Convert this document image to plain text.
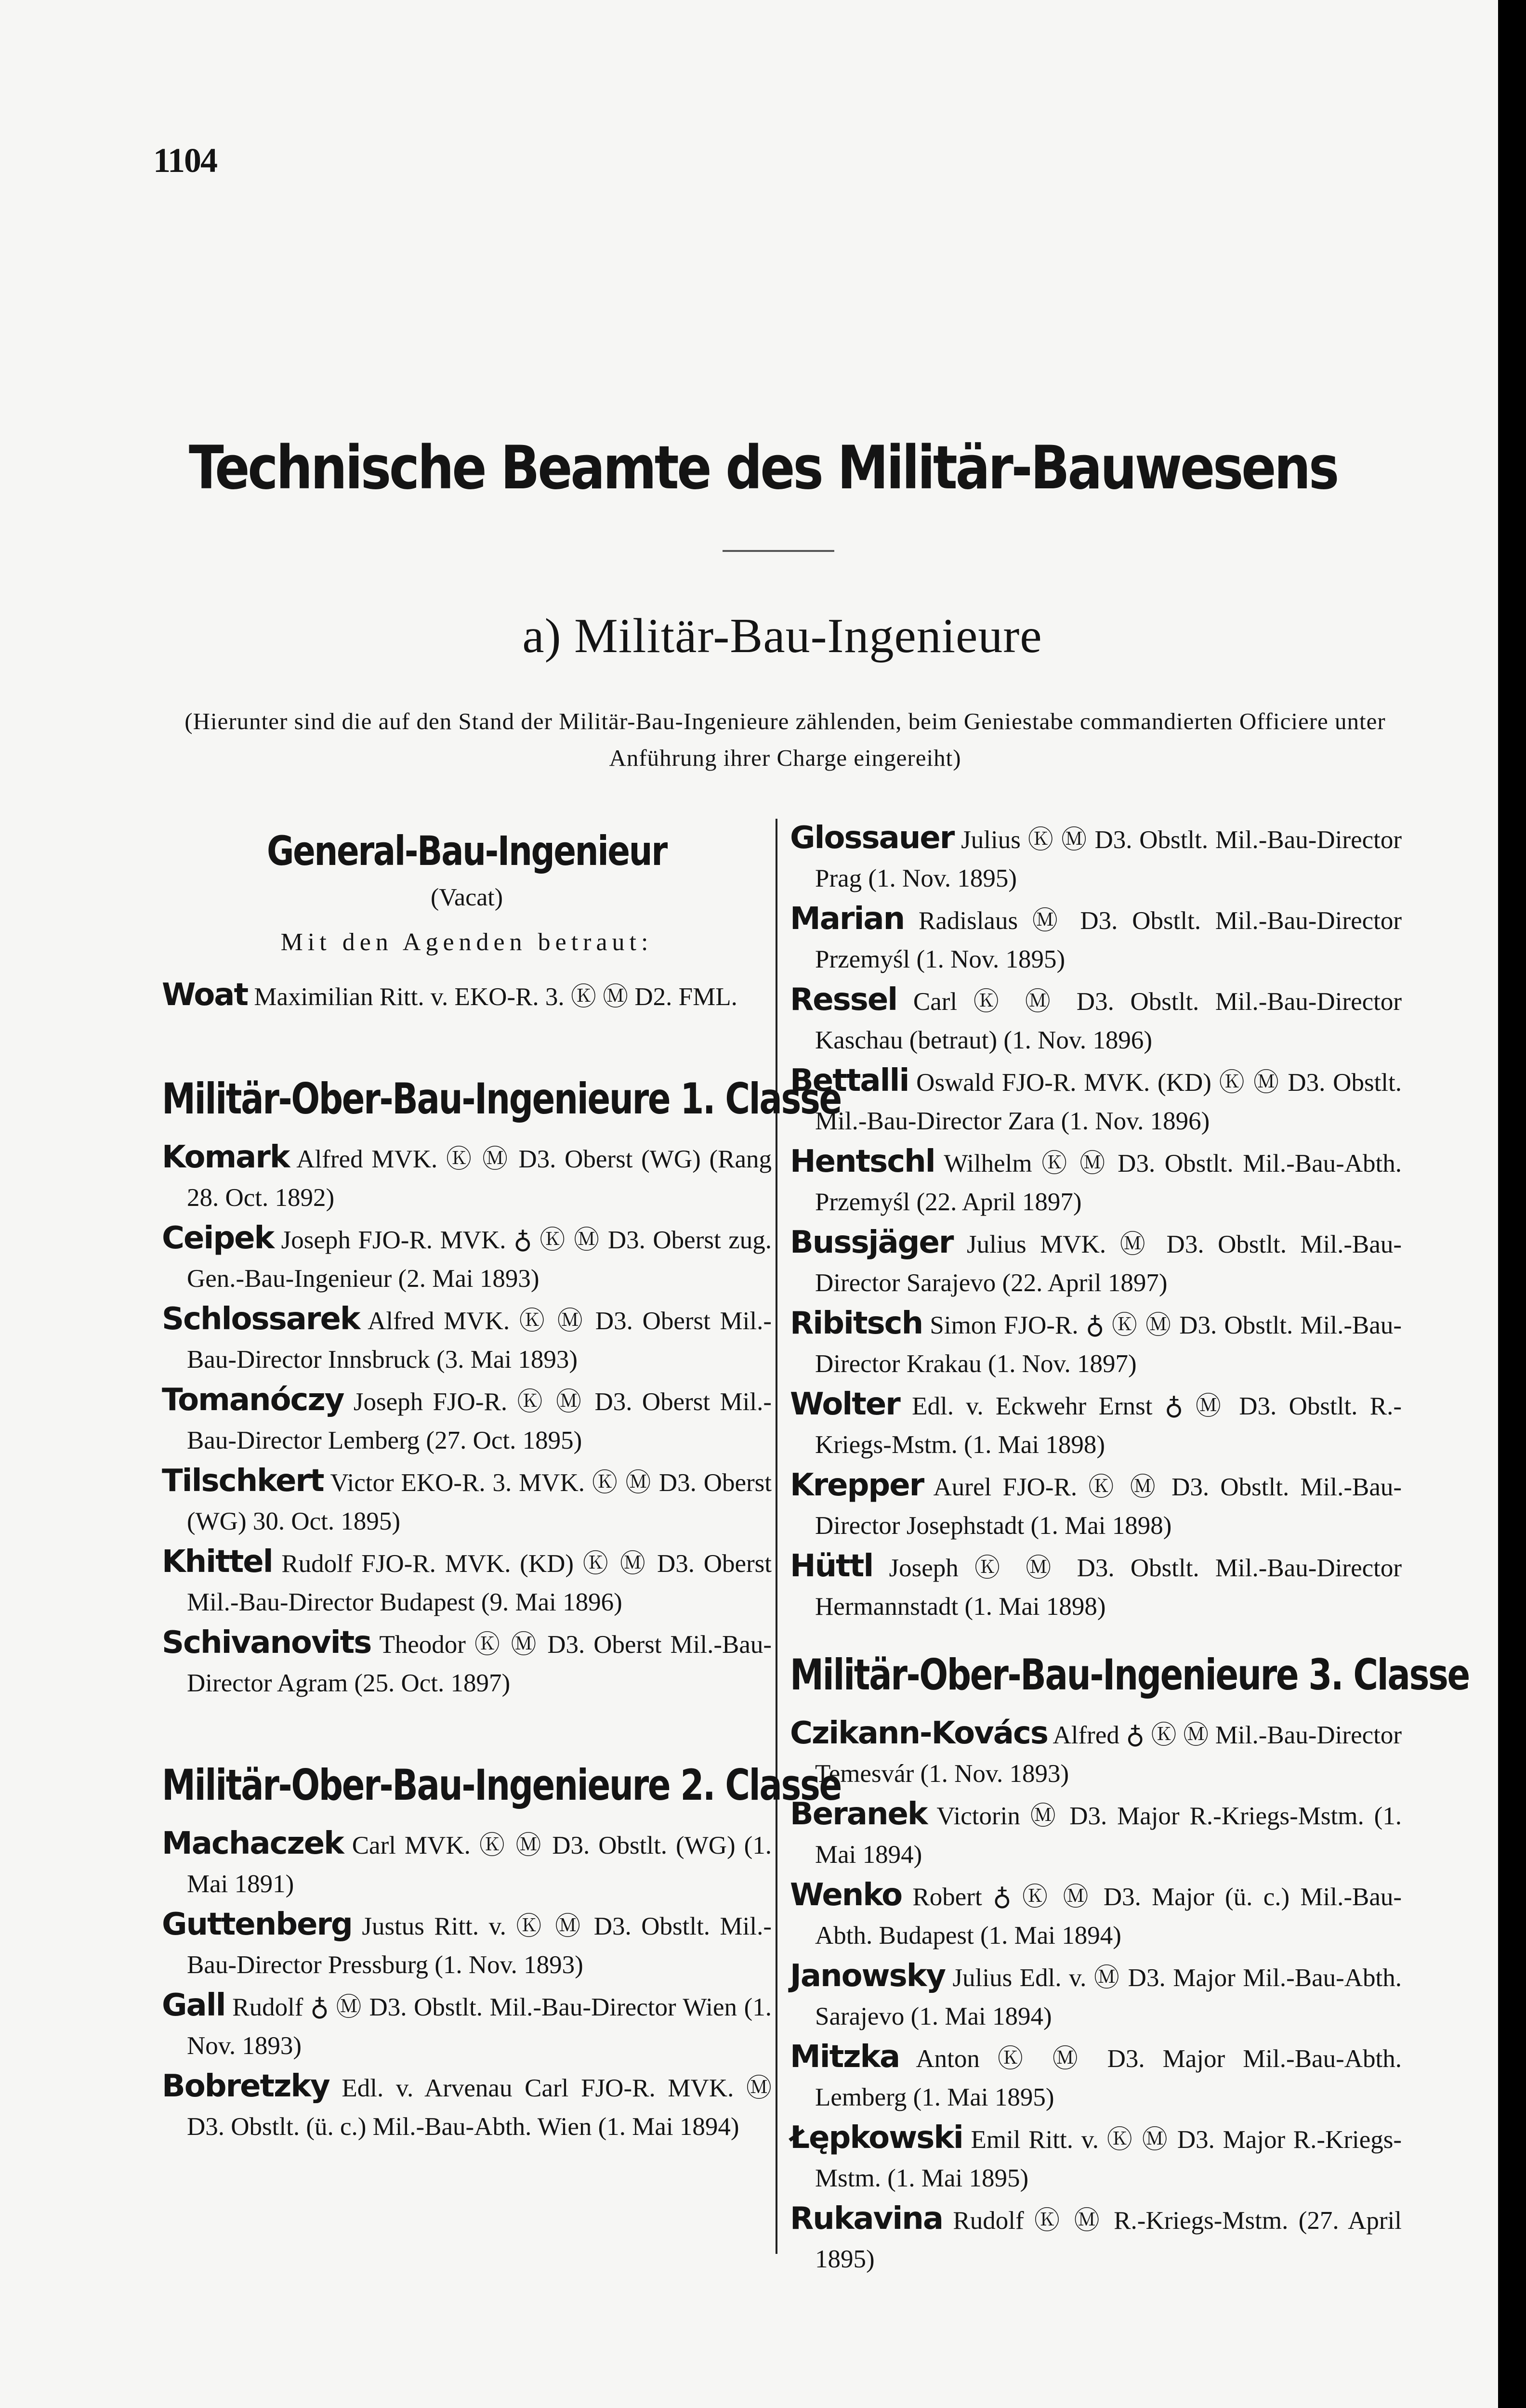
1104
Technische Beamte des Militär-Bauwesens
a) Militär-Bau-Ingenieure
(Hierunter sind die auf den Stand der Militär-Bau-Ingenieure zählenden, beim Geniestabe commandierten Officiere unter Anführung ihrer Charge eingereiht)
General-Bau-Ingenieur
(Vacat)
Mit den Agenden betraut:
Woat Maximilian Ritt. v. EKO-R. 3. Ⓚ Ⓜ D2. FML.
Militär-Ober-Bau-Ingenieure 1. Classe
Komark Alfred MVK. Ⓚ Ⓜ D3. Oberst (WG) (Rang 28. Oct. 1892)
Ceipek Joseph FJO-R. MVK. ♁ Ⓚ Ⓜ D3. Oberst zug. Gen.-Bau-Ingenieur (2. Mai 1893)
Schlossarek Alfred MVK. Ⓚ Ⓜ D3. Oberst Mil.-Bau-Director Innsbruck (3. Mai 1893)
Tomanóczy Joseph FJO-R. Ⓚ Ⓜ D3. Oberst Mil.-Bau-Director Lemberg (27. Oct. 1895)
Tilschkert Victor EKO-R. 3. MVK. Ⓚ Ⓜ D3. Oberst (WG) 30. Oct. 1895)
Khittel Rudolf FJO-R. MVK. (KD) Ⓚ Ⓜ D3. Oberst Mil.-Bau-Director Budapest (9. Mai 1896)
Schivanovits Theodor Ⓚ Ⓜ D3. Oberst Mil.-Bau-Director Agram (25. Oct. 1897)
Militär-Ober-Bau-Ingenieure 2. Classe
Machaczek Carl MVK. Ⓚ Ⓜ D3. Obstlt. (WG) (1. Mai 1891)
Guttenberg Justus Ritt. v. Ⓚ Ⓜ D3. Obstlt. Mil.-Bau-Director Pressburg (1. Nov. 1893)
Gall Rudolf ♁ Ⓜ D3. Obstlt. Mil.-Bau-Director Wien (1. Nov. 1893)
Bobretzky Edl. v. Arvenau Carl FJO-R. MVK. Ⓜ D3. Obstlt. (ü. c.) Mil.-Bau-Abth. Wien (1. Mai 1894)
Glossauer Julius Ⓚ Ⓜ D3. Obstlt. Mil.-Bau-Director Prag (1. Nov. 1895)
Marian Radislaus Ⓜ D3. Obstlt. Mil.-Bau-Director Przemyśl (1. Nov. 1895)
Ressel Carl Ⓚ Ⓜ D3. Obstlt. Mil.-Bau-Director Kaschau (betraut) (1. Nov. 1896)
Bettalli Oswald FJO-R. MVK. (KD) Ⓚ Ⓜ D3. Obstlt. Mil.-Bau-Director Zara (1. Nov. 1896)
Hentschl Wilhelm Ⓚ Ⓜ D3. Obstlt. Mil.-Bau-Abth. Przemyśl (22. April 1897)
Bussjäger Julius MVK. Ⓜ D3. Obstlt. Mil.-Bau-Director Sarajevo (22. April 1897)
Ribitsch Simon FJO-R. ♁ Ⓚ Ⓜ D3. Obstlt. Mil.-Bau-Director Krakau (1. Nov. 1897)
Wolter Edl. v. Eckwehr Ernst ♁ Ⓜ D3. Obstlt. R.-Kriegs-Mstm. (1. Mai 1898)
Krepper Aurel FJO-R. Ⓚ Ⓜ D3. Obstlt. Mil.-Bau-Director Josephstadt (1. Mai 1898)
Hüttl Joseph Ⓚ Ⓜ D3. Obstlt. Mil.-Bau-Director Hermannstadt (1. Mai 1898)
Militär-Ober-Bau-Ingenieure 3. Classe
Czikann-Kovács Alfred ♁ Ⓚ Ⓜ Mil.-Bau-Director Temesvár (1. Nov. 1893)
Beranek Victorin Ⓜ D3. Major R.-Kriegs-Mstm. (1. Mai 1894)
Wenko Robert ♁ Ⓚ Ⓜ D3. Major (ü. c.) Mil.-Bau-Abth. Budapest (1. Mai 1894)
Janowsky Julius Edl. v. Ⓜ D3. Major Mil.-Bau-Abth. Sarajevo (1. Mai 1894)
Mitzka Anton Ⓚ Ⓜ D3. Major Mil.-Bau-Abth. Lemberg (1. Mai 1895)
Łępkowski Emil Ritt. v. Ⓚ Ⓜ D3. Major R.-Kriegs-Mstm. (1. Mai 1895)
Rukavina Rudolf Ⓚ Ⓜ R.-Kriegs-Mstm. (27. April 1895)
